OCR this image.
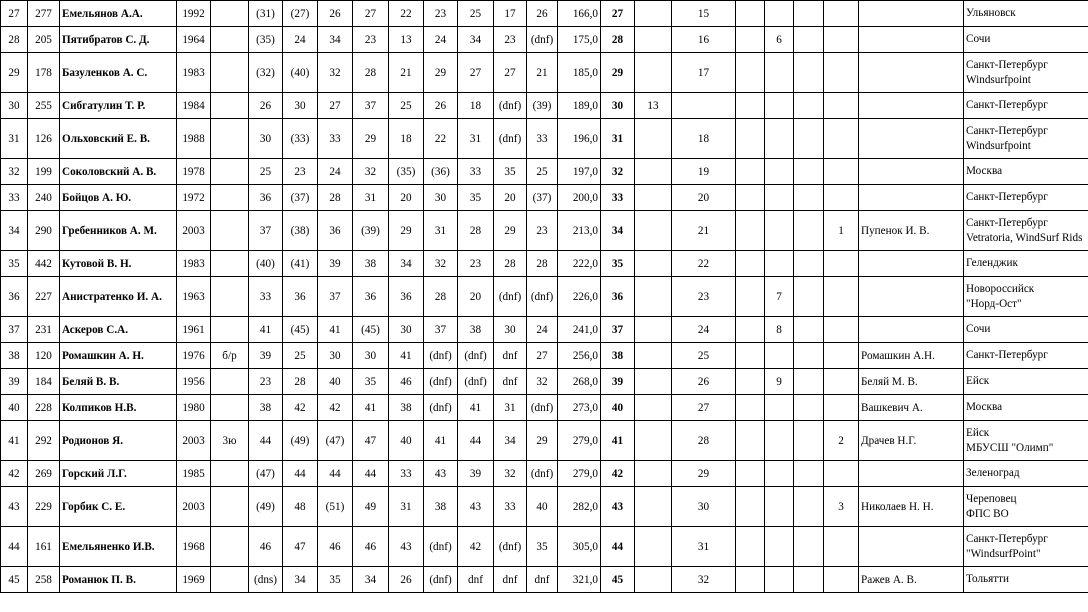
27	277	Емельянов А.А.	1992		(31)	(27)	26	27	22	23	25	17	26	166,0	27		15						Ульяновск
28	205	Пятибратов С. Д.	1964		(35)	24	34	23	13	24	34	23	(dnf)	175,0	28		16		6				Сочи
29	178	Базуленков А. С.	1983		(32)	(40)	32	28	21	29	27	27	21	185,0	29		17						Санкт-Петербург
Windsurfpoint
30	255	Сибгатулин Т. Р.	1984		26	30	27	37	25	26	18	(dnf)	(39)	189,0	30	13							Санкт-Петербург
31	126	Ольховский Е. В.	1988		30	(33)	33	29	18	22	31	(dnf)	33	196,0	31		18						Санкт-Петербург
Windsurfpoint
32	199	Соколовский А. В.	1978		25	23	24	32	(35)	(36)	33	35	25	197,0	32		19						Москва
33	240	Бойцов А. Ю.	1972		36	(37)	28	31	20	30	35	20	(37)	200,0	33		20						Санкт-Петербург
34	290	Гребенников А. М.	2003		37	(38)	36	(39)	29	31	28	29	23	213,0	34		21				1	Пупенок И. В.	Санкт-Петербург
Vetratoria, WindSurf Rids
35	442	Кутовой В. Н.	1983		(40)	(41)	39	38	34	32	23	28	28	222,0	35		22						Геленджик
36	227	Анистратенко И. А.	1963		33	36	37	36	36	28	20	(dnf)	(dnf)	226,0	36		23		7				Новороссийск
"Норд-Ост"
37	231	Аскеров С.А.	1961		41	(45)	41	(45)	30	37	38	30	24	241,0	37		24		8				Сочи
38	120	Ромашкин А. Н.	1976	б/р	39	25	30	30	41	(dnf)	(dnf)	dnf	27	256,0	38		25					Ромашкин А.Н.	Санкт-Петербург
39	184	Беляй В. В.	1956		23	28	40	35	46	(dnf)	(dnf)	dnf	32	268,0	39		26		9			Беляй М. В.	Ейск
40	228	Колпиков Н.В.	1980		38	42	42	41	38	(dnf)	41	31	(dnf)	273,0	40		27					Вашкевич А.	Москва
41	292	Родионов Я.	2003	3ю	44	(49)	(47)	47	40	41	44	34	29	279,0	41		28				2	Драчев Н.Г.	Ейск
МБУСШ "Олимп"
42	269	Горский Л.Г.	1985		(47)	44	44	44	33	43	39	32	(dnf)	279,0	42		29						Зеленоград
43	229	Горбик С. Е.	2003		(49)	48	(51)	49	31	38	43	33	40	282,0	43		30				3	Николаев Н. Н.	Череповец
ФПС ВО
44	161	Емельяненко И.В.	1968		46	47	46	46	43	(dnf)	42	(dnf)	35	305,0	44		31						Санкт-Петербург
"WindsurfPoint"
45	258	Романюк П. В.	1969		(dns)	34	35	34	26	(dnf)	dnf	dnf	dnf	321,0	45		32					Ражев А. В.	Тольятти
